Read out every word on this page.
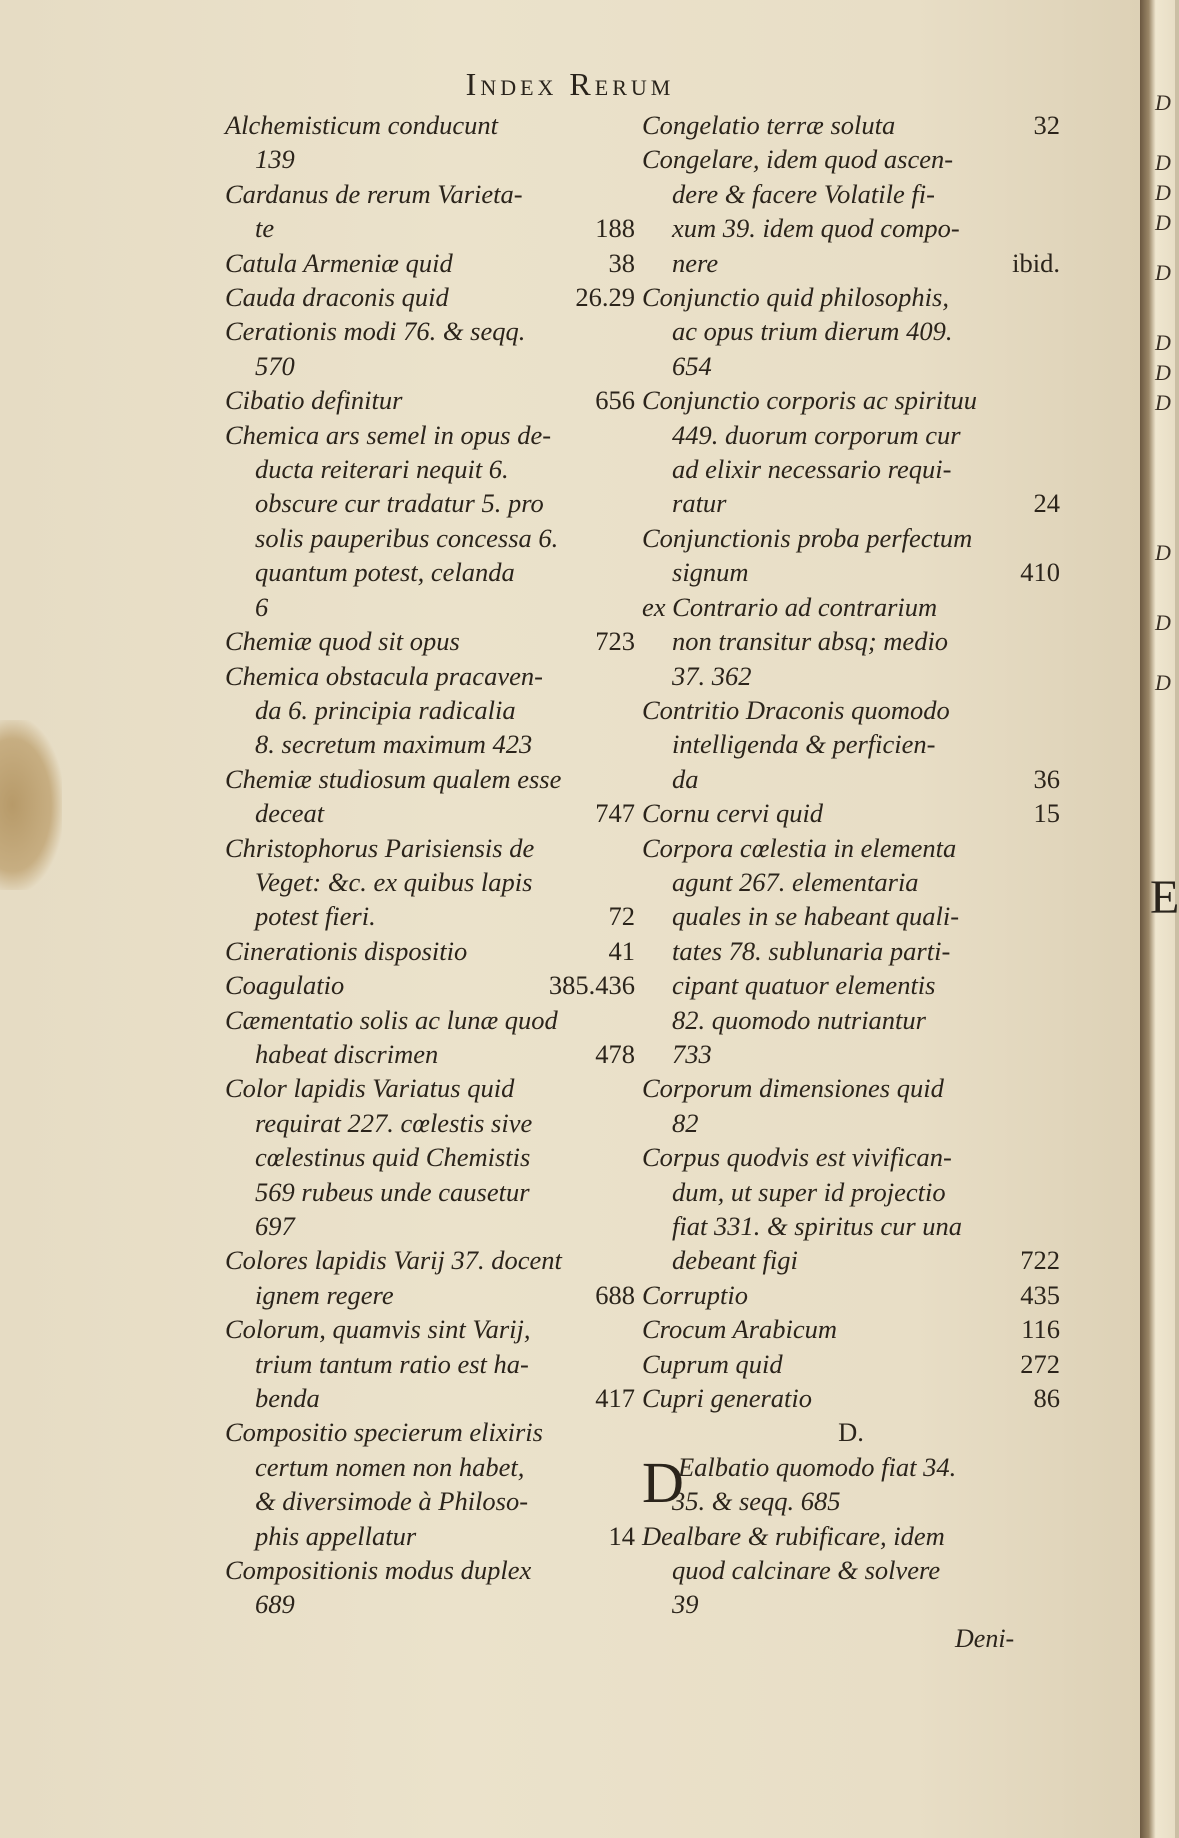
Index Rerum
Alchemisticum conducunt
139
Cardanus de rerum Varieta-
188
te
38
Catula Armeniæ quid
26.29
Cauda draconis quid
Cerationis modi 76. & seqq.
570
656
Cibatio definitur
Chemica ars semel in opus de-
ducta reiterari nequit 6.
obscure cur tradatur 5. pro
solis pauperibus concessa 6.
quantum potest, celanda
6
723
Chemiæ quod sit opus
Chemica obstacula pracaven-
da 6. principia radicalia
8. secretum maximum 423
Chemiæ studiosum qualem esse
747
deceat
Christophorus Parisiensis de
Veget: &c. ex quibus lapis
72
potest fieri.
41
Cinerationis dispositio
385.436
Coagulatio
Cæmentatio solis ac lunæ quod
478
habeat discrimen
Color lapidis Variatus quid
requirat 227. cœlestis sive
cœlestinus quid Chemistis
569 rubeus unde causetur
697
Colores lapidis Varij 37. docent
688
ignem regere
Colorum, quamvis sint Varij,
trium tantum ratio est ha-
417
benda
Compositio specierum elixiris
certum nomen non habet,
& diversimode à Philoso-
14
phis appellatur
Compositionis modus duplex
689
32
Congelatio terræ soluta
Congelare, idem quod ascen-
dere & facere Volatile fi-
xum 39. idem quod compo-
ibid.
nere
Conjunctio quid philosophis,
ac opus trium dierum 409.
654
Conjunctio corporis ac spirituu
449. duorum corporum cur
ad elixir necessario requi-
24
ratur
Conjunctionis proba perfectum
410
signum
ex Contrario ad contrarium
non transitur absq; medio
37. 362
Contritio Draconis quomodo
intelligenda & perficien-
36
da
15
Cornu cervi quid
Corpora cœlestia in elementa
agunt 267. elementaria
quales in se habeant quali-
tates 78. sublunaria parti-
cipant quatuor elementis
82. quomodo nutriantur
733
Corporum dimensiones quid
82
Corpus quodvis est vivifican-
dum, ut super id projectio
fiat 331. & spiritus cur una
722
debeant figi
435
Corruptio
116
Crocum Arabicum
272
Cuprum quid
86
Cupri generatio
D.
D
Ealbatio quomodo fiat 34.
35. & seqq. 685
Dealbare & rubificare, idem
quod calcinare & solvere
39
Deni-
D
D
D
D
D
D
D
D
D
D
D
E
